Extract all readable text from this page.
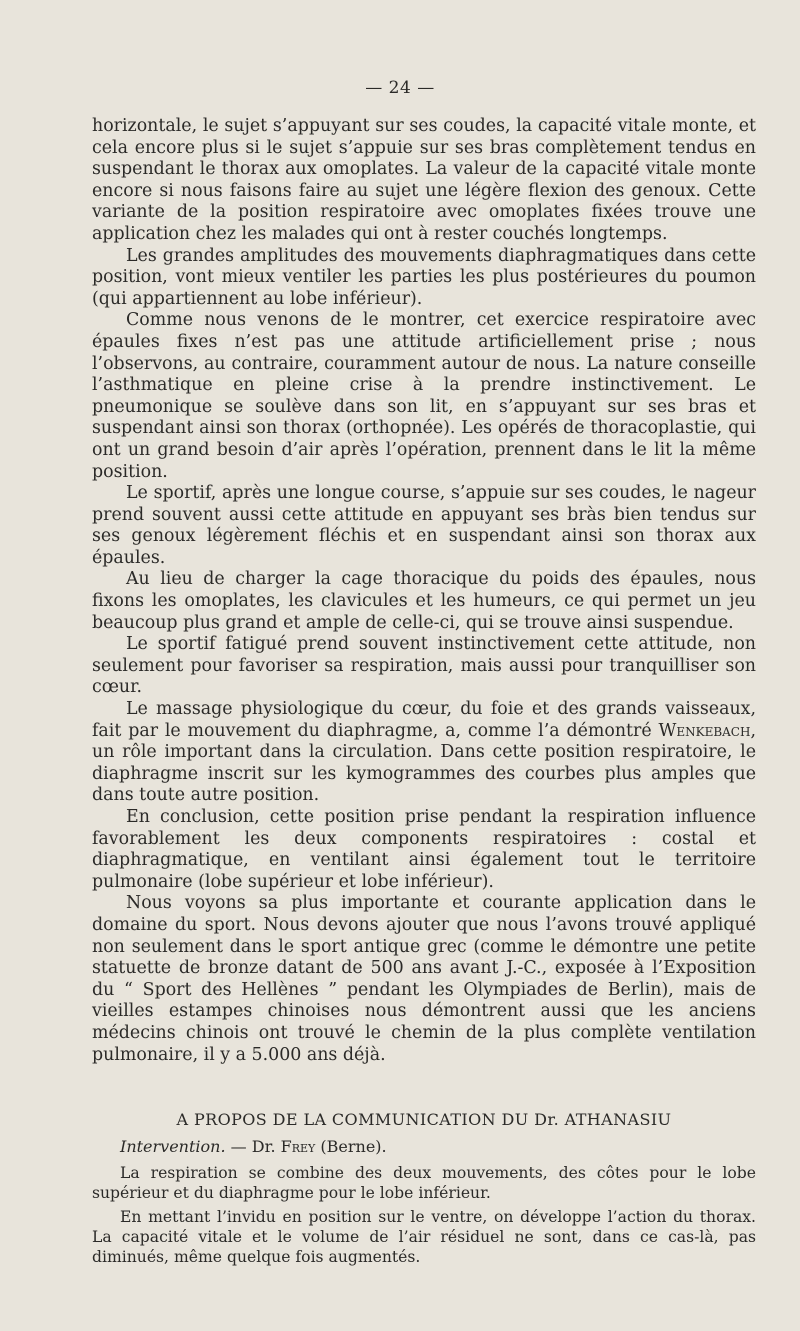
— 24 —

horizontale, le sujet s’appuyant sur ses coudes, la capacité vitale monte, et cela encore plus si le sujet s’appuie sur ses bras complètement tendus en suspendant le thorax aux omoplates. La valeur de la capacité vitale monte encore si nous faisons faire au sujet une légère flexion des genoux. Cette variante de la position respiratoire avec omoplates fixées trouve une application chez les malades qui ont à rester couchés longtemps.

Les grandes amplitudes des mouvements diaphragmatiques dans cette position, vont mieux ventiler les parties les plus postérieures du poumon (qui appartiennent au lobe inférieur).

Comme nous venons de le montrer, cet exercice respiratoire avec épaules fixes n’est pas une attitude artificiellement prise ; nous l’observons, au contraire, couramment autour de nous. La nature conseille l’asthmatique en pleine crise à la prendre instinctivement. Le pneumonique se soulève dans son lit, en s’appuyant sur ses bras et suspendant ainsi son thorax (orthopnée). Les opérés de thoracoplastie, qui ont un grand besoin d’air après l’opération, prennent dans le lit la même position.

Le sportif, après une longue course, s’appuie sur ses coudes, le nageur prend souvent aussi cette attitude en appuyant ses bràs bien tendus sur ses genoux légèrement fléchis et en suspendant ainsi son thorax aux épaules.

Au lieu de charger la cage thoracique du poids des épaules, nous fixons les omoplates, les clavicules et les humeurs, ce qui permet un jeu beaucoup plus grand et ample de celle-ci, qui se trouve ainsi suspendue.

Le sportif fatigué prend souvent instinctivement cette attitude, non seulement pour favoriser sa respiration, mais aussi pour tranquilliser son cœur.

Le massage physiologique du cœur, du foie et des grands vaisseaux, fait par le mouvement du diaphragme, a, comme l’a démontré Wenkebach, un rôle important dans la circulation. Dans cette position respiratoire, le diaphragme inscrit sur les kymogrammes des courbes plus amples que dans toute autre position.

En conclusion, cette position prise pendant la respiration influence favorablement les deux components respiratoires : costal et diaphragmatique, en ventilant ainsi également tout le territoire pulmonaire (lobe supérieur et lobe inférieur).

Nous voyons sa plus importante et courante application dans le domaine du sport. Nous devons ajouter que nous l’avons trouvé appliqué non seulement dans le sport antique grec (comme le démontre une petite statuette de bronze datant de 500 ans avant J.-C., exposée à l’Exposition du “ Sport des Hellènes ” pendant les Olympiades de Berlin), mais de vieilles estampes chinoises nous démontrent aussi que les anciens médecins chinois ont trouvé le chemin de la plus complète ventilation pulmonaire, il y a 5.000 ans déjà.

A PROPOS DE LA COMMUNICATION DU Dr. ATHANASIU

Intervention. — Dr. Frey (Berne).

La respiration se combine des deux mouvements, des côtes pour le lobe supérieur et du diaphragme pour le lobe inférieur.

En mettant l’invidu en position sur le ventre, on développe l’action du thorax. La capacité vitale et le volume de l’air résiduel ne sont, dans ce cas-là, pas diminués, même quelque fois augmentés.
